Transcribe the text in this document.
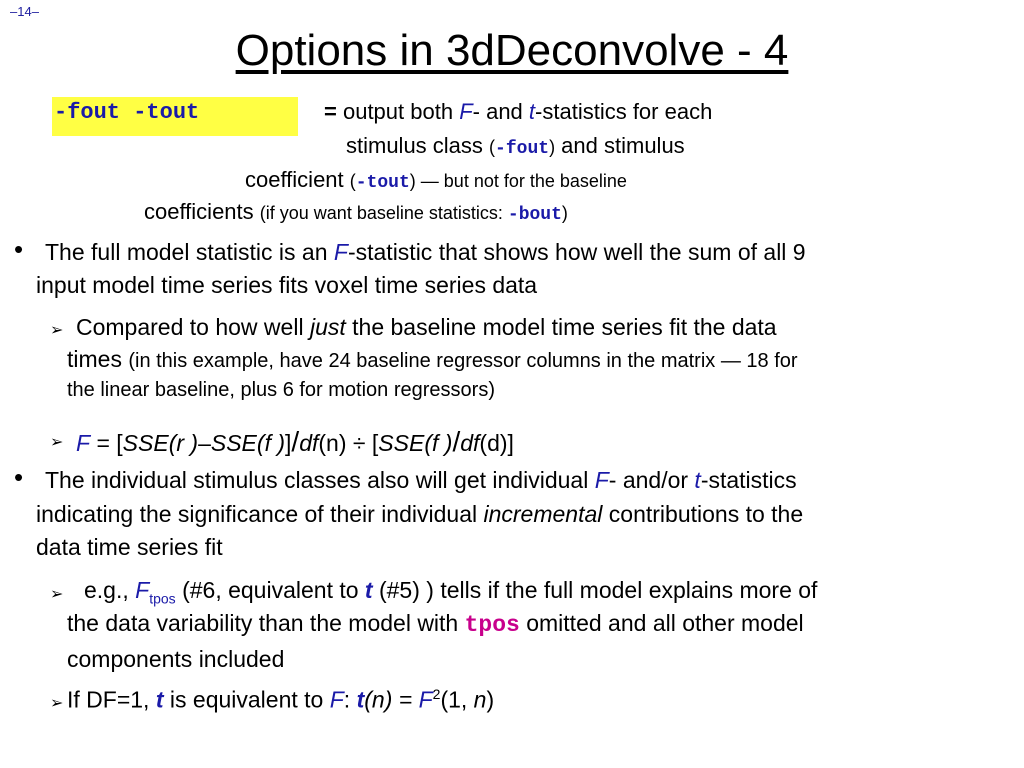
–14–
Options in 3dDeconvolve - 4
-fout -tout	= output both F- and t-statistics for each
stimulus class (-fout) and stimulus
coefficient (-tout) — but not for the baseline
coefficients (if you want baseline statistics: -bout)
• The full model statistic is an F-statistic that shows how well the sum of all 9
input model time series fits voxel time series data
➢ Compared to how well just the baseline model time series fit the data
times (in this example, have 24 baseline regressor columns in the matrix — 18 for
the linear baseline, plus 6 for motion regressors)
➢ F = [SSE(r )–SSE(f )]/df(n) ÷ [SSE(f )/df(d)]
• The individual stimulus classes also will get individual F- and/or t-statistics
indicating the significance of their individual incremental contributions to the
data time series fit
➢ e.g., $F_{tpos}$ (#6, equivalent to t (#5) ) tells if the full model explains more of
the data variability than the model with tpos omitted and all other model
components included
➢ If DF=1, t is equivalent to F: $t(n) = F^2(1$, n)
